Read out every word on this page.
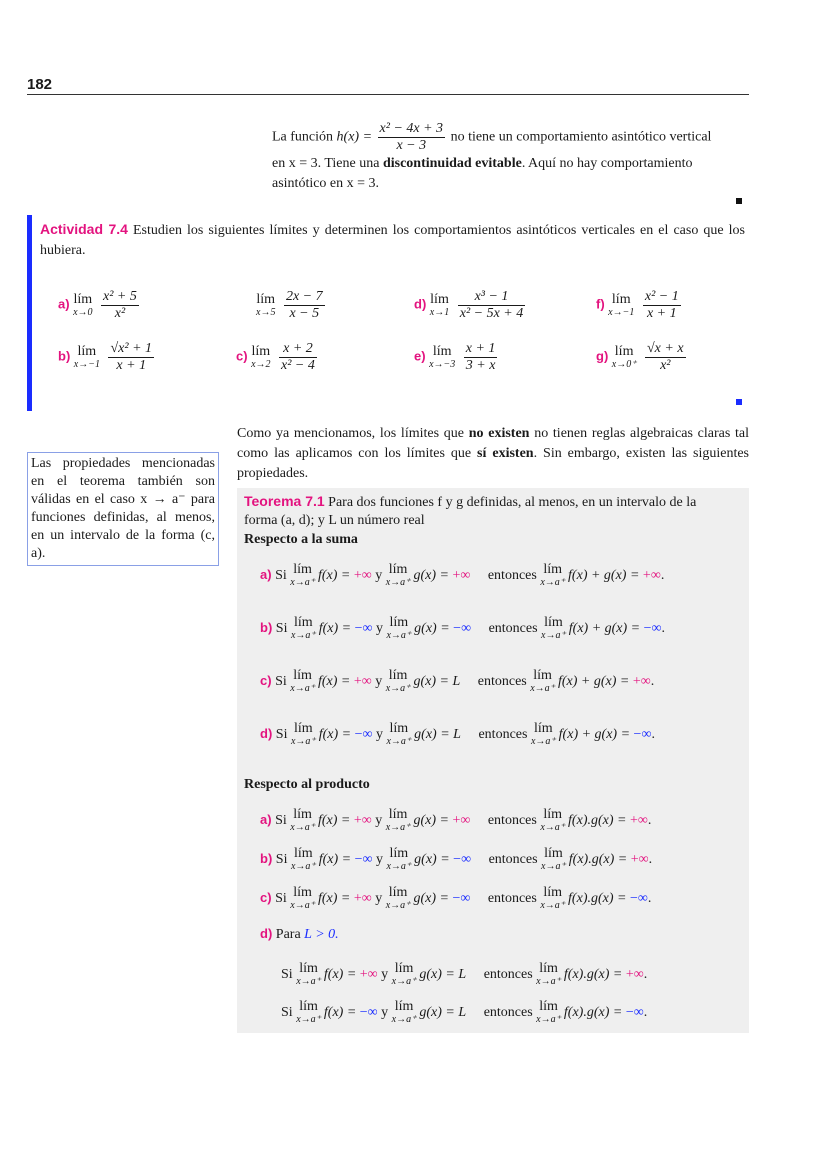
182
La función $h(x) = \frac{\text{x² − 4x + 3}}{x - 3}$ no tiene un comportamiento asintótico vertical
en x = 3. Tiene una discontinuidad evitable. Aquí no hay comportamiento
asintótico en x = 3.
Actividad 7.4 Estudien los siguientes límites y determinen los comportamientos asintóticos verticales en el caso que los hubiera.
a) lím
x→0
$\frac{\text{x² + 5}}{\text{x²}}$	lím
x→5
$\frac{2x - 7}{x - 5}$	d) lím
x→1
$\frac{\text{x³ − 1}}{\text{x² − 5x + 4}}$	f) lím
x→−1
$\frac{\text{x² − 1}}{x + 1}$
b) lím
x→−1
$\frac{\text{√x² + 1}}{x + 1}$	c) lím
x→2
$\frac{x + 2}{\text{x² − 4}}$	e) lím
x→−3
$\frac{x + 1}{3 + x}$	g) lím
x→0⁺
$\frac{√x + x}{\text{x²}}$
Como ya mencionamos, los límites que no existen no tienen reglas algebraicas claras tal como las aplicamos con los límites que sí existen. Sin embargo, existen las siguientes propiedades.
Las propiedades mencionadas en el teorema también son válidas en el caso x → a⁻ para funciones definidas, al menos, en un intervalo de la forma (c, a).
Teorema 7.1 Para dos funciones f y g definidas, al menos, en un intervalo de la
forma (a, d); y L un número real
Respecto a la suma
a) Si lím
x→a⁺ f(x) = +∞ y lím
x→a⁺ g(x) = +∞ entonces lím
x→a⁺ f(x) + g(x) = +∞.
b) Si lím
x→a⁺ f(x) = −∞ y lím
x→a⁺ g(x) = −∞ entonces lím
x→a⁺ f(x) + g(x) = −∞.
c) Si lím
x→a⁺ f(x) = +∞ y lím
x→a⁺ g(x) = L entonces lím
x→a⁺ f(x) + g(x) = +∞.
d) Si lím
x→a⁺ f(x) = −∞ y lím
x→a⁺ g(x) = L entonces lím
x→a⁺ f(x) + g(x) = −∞.
Respecto al producto
a) Si lím
x→a⁺ f(x) = +∞ y lím
x→a⁺ g(x) = +∞ entonces lím
x→a⁺ f(x).g(x) = +∞.
b) Si lím
x→a⁺ f(x) = −∞ y lím
x→a⁺ g(x) = −∞ entonces lím
x→a⁺ f(x).g(x) = +∞.
c) Si lím
x→a⁺ f(x) = +∞ y lím
x→a⁺ g(x) = −∞ entonces lím
x→a⁺ f(x).g(x) = −∞.
d) Para L > 0.
Si lím
x→a⁺ f(x) = +∞ y lím
x→a⁺ g(x) = L entonces lím
x→a⁺ f(x).g(x) = +∞.
Si lím
x→a⁺ f(x) = −∞ y lím
x→a⁺ g(x) = L entonces lím
x→a⁺ f(x).g(x) = −∞.
